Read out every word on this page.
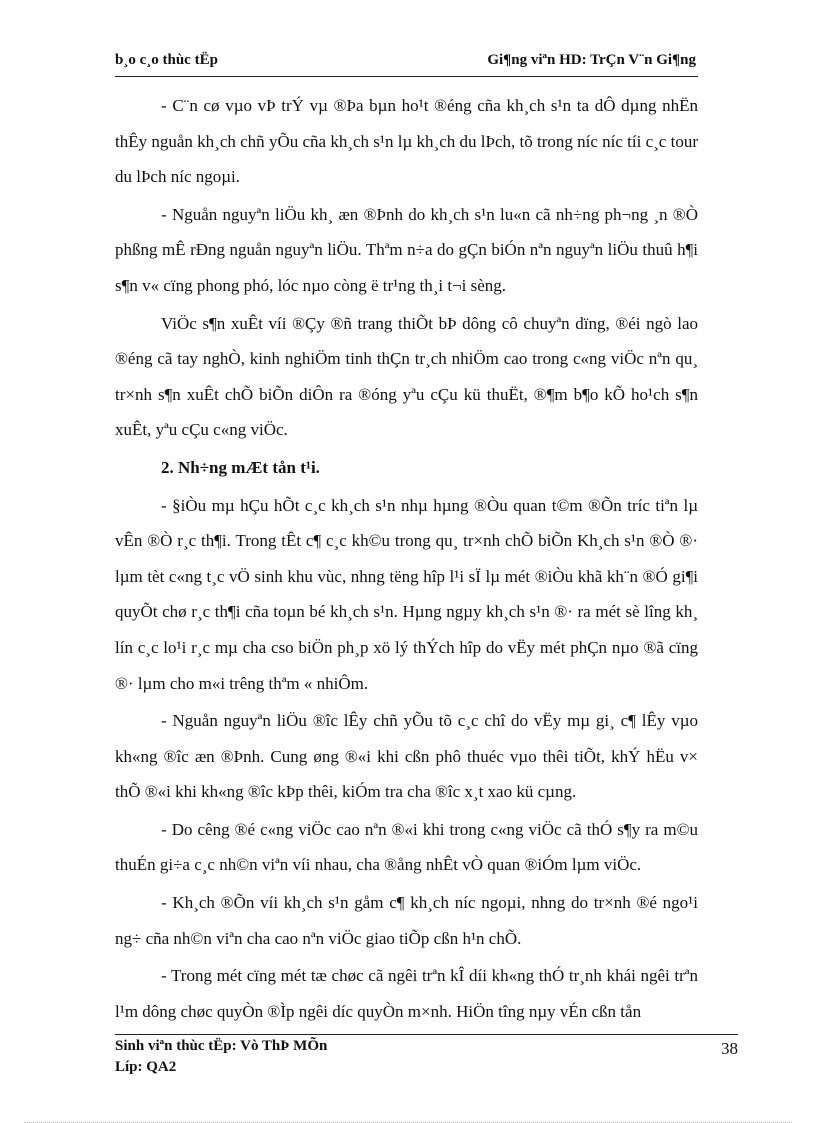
b¸o c¸o thùc tËp	Gi¶ng viªn HD: TrÇn V¨n Gi¶ng

- C¨n cø vµo vÞ trÝ vµ ®Þa bµn ho¹t ®éng cña kh¸ch s¹n ta dÔ dµng nhËn thÊy nguån kh¸ch chñ yÕu cña kh¸ch s¹n lµ kh¸ch du lÞch, tõ trong níc níc tíi c¸c tour du lÞch níc ngoµi.

- Nguån nguyªn liÖu kh¸ æn ®Þnh do kh¸ch s¹n lu«n cã nh÷ng ph¬ng ¸n ®Ò phßng mÊ rÐng nguån nguyªn liÖu. Thªm n÷a do gÇn biÓn nªn nguyªn liÖu thuû h¶i s¶n v« cïng phong phó, lóc nµo còng ë tr¹ng th¸i t¬i sèng.

ViÖc s¶n xuÊt víi ®Çy ®ñ trang thiÕt bÞ dông cô chuyªn dïng, ®éi ngò lao ®éng cã tay nghÒ, kinh nghiÖm tinh thÇn tr¸ch nhiÖm cao trong c«ng viÖc nªn qu¸ tr×nh s¶n xuÊt chÕ biÕn diÔn ra ®óng yªu cÇu kü thuËt, ®¶m b¶o kÕ ho¹ch s¶n xuÊt, yªu cÇu c«ng viÖc.

2. Nh÷ng mÆt tån t¹i.

- §iÒu mµ hÇu hÕt c¸c kh¸ch s¹n nhµ hµng ®Òu quan t©m ®Õn tríc tiªn lµ vÊn ®Ò r¸c th¶i. Trong tÊt c¶ c¸c kh©u trong qu¸ tr×nh chÕ biÕn Kh¸ch s¹n ®Ò ®· lµm tèt c«ng t¸c vÖ sinh khu vùc, nhng tëng hîp l¹i sÏ lµ mét ®iÒu khã kh¨n ®Ó gi¶i quyÕt chø r¸c th¶i cña toµn bé kh¸ch s¹n. Hµng ngµy kh¸ch s¹n ®· ra mét sè lîng kh¸ lín c¸c lo¹i r¸c mµ cha cso biÖn ph¸p xö lý thÝch hîp do vËy mét phÇn nµo ®ã cïng ®· lµm cho m«i trêng thªm « nhiÔm.

- Nguån nguyªn liÖu ®îc lÊy chñ yÕu tõ c¸c chî do vËy mµ gi¸ c¶ lÊy vµo kh«ng ®îc æn ®Þnh. Cung øng ®«i khi cßn phô thuéc vµo thêi tiÕt, khÝ hËu v× thÕ ®«i khi kh«ng ®îc kÞp thêi, kiÓm tra cha ®îc x¸t xao kü cµng.

- Do cêng ®é c«ng viÖc cao nªn ®«i khi trong c«ng viÖc cã thÓ s¶y ra m©u thuÉn gi÷a c¸c nh©n viªn víi nhau, cha ®ång nhÊt vÒ quan ®iÓm lµm viÖc.

- Kh¸ch ®Õn víi kh¸ch s¹n gåm c¶ kh¸ch níc ngoµi, nhng do tr×nh ®é ngo¹i ng÷ cña nh©n viªn cha cao nªn viÖc giao tiÕp cßn h¹n chÕ.

- Trong mét cïng mét tæ chøc cã ngêi trªn kÎ díi kh«ng thÓ tr¸nh khái ngêi trªn l¹m dông chøc quyÒn ®Ìp ngêi díc quyÒn m×nh. HiÖn tîng nµy vÉn cßn tån

Sinh viªn thùc tËp: Vò ThÞ MÕn
Líp: QA2
38
